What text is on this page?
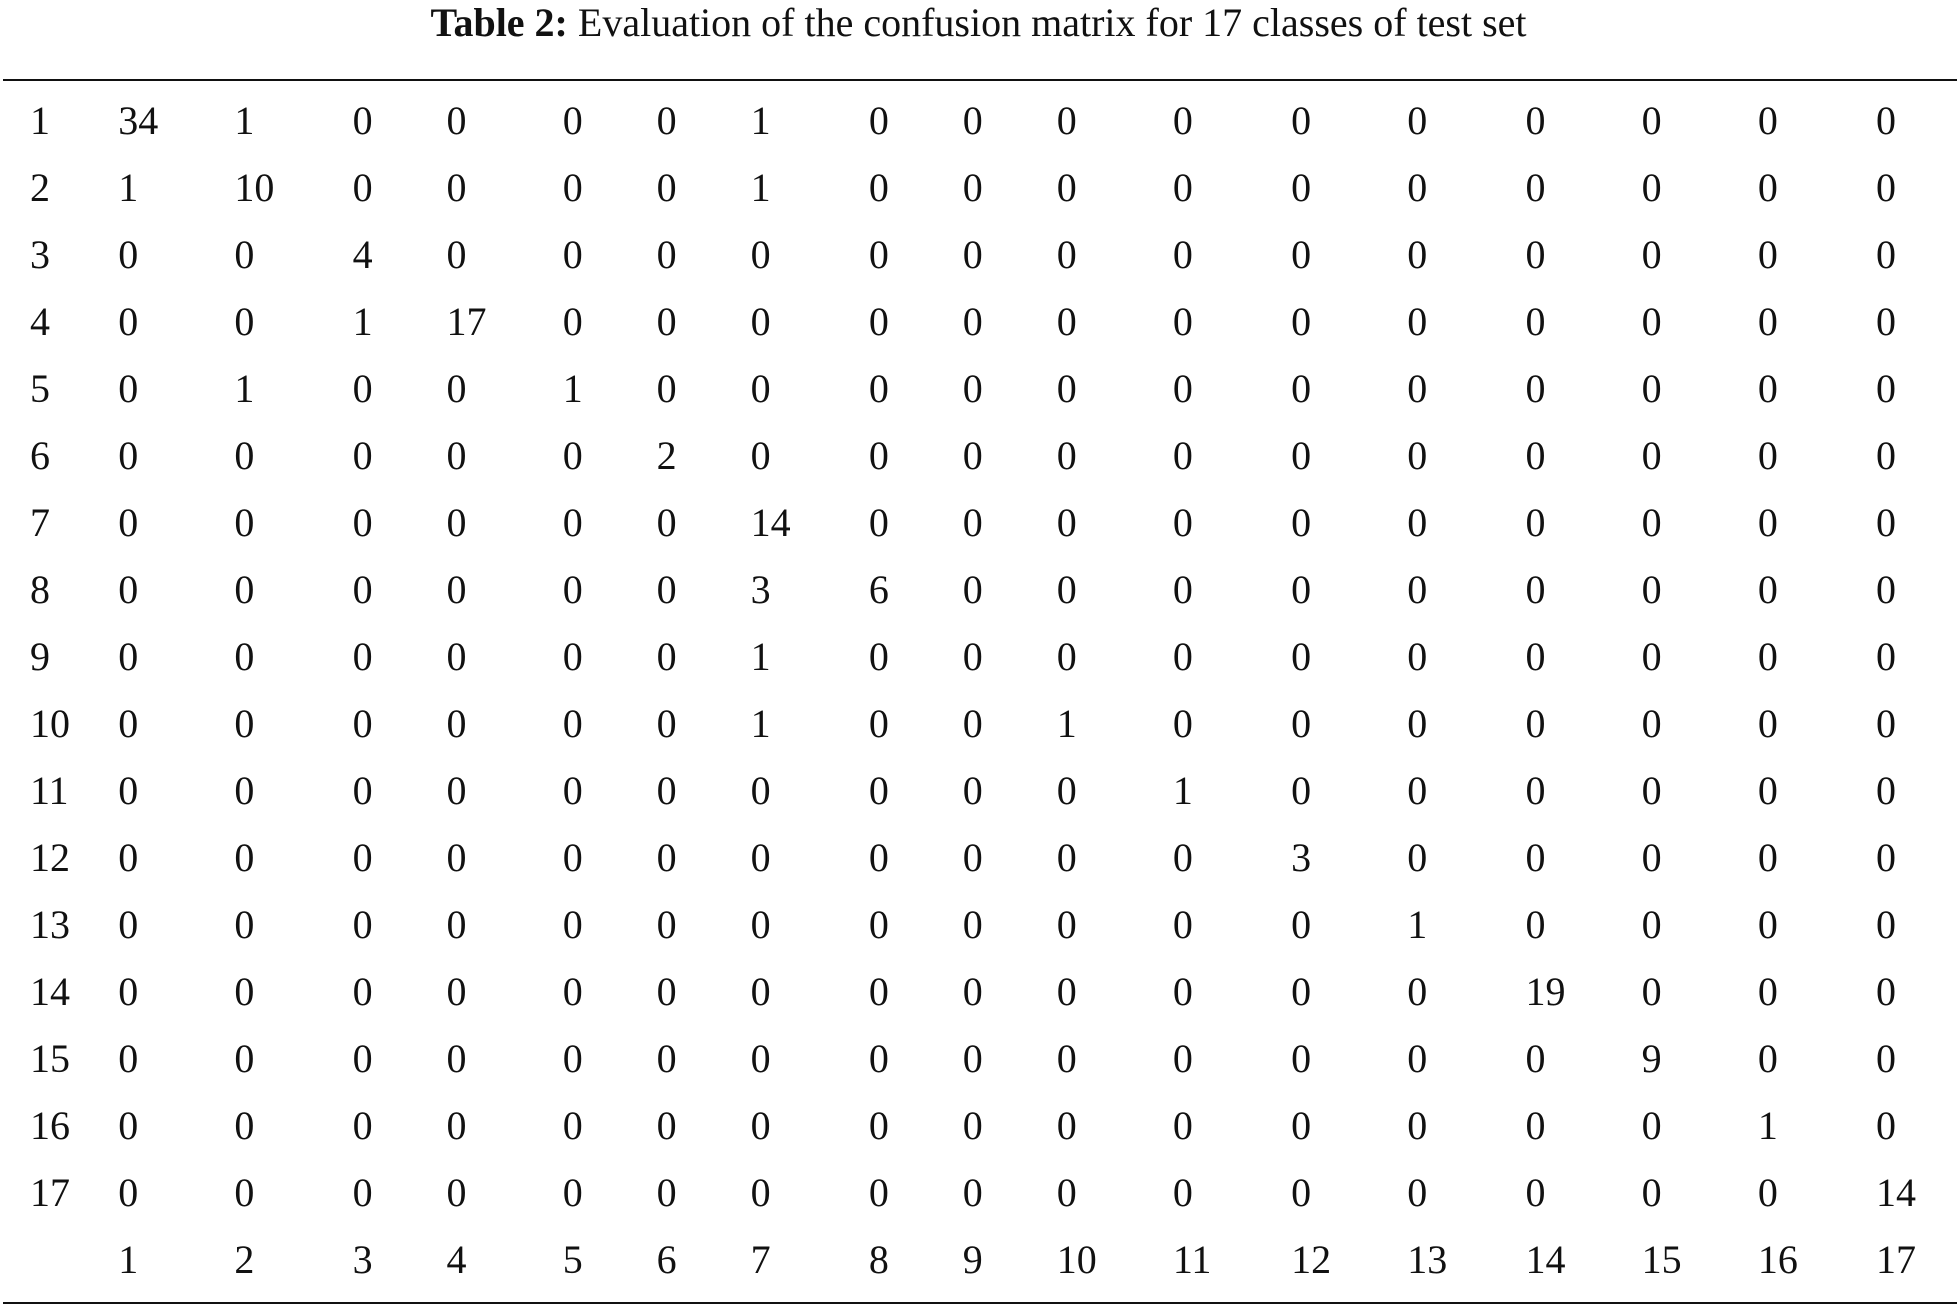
Table 2: Evaluation of the confusion matrix for 17 classes of test set
1	34	1	0	0	0	0	1	0	0	0	0	0	0	0	0	0	0
2	1	10	0	0	0	0	1	0	0	0	0	0	0	0	0	0	0
3	0	0	4	0	0	0	0	0	0	0	0	0	0	0	0	0	0
4	0	0	1	17	0	0	0	0	0	0	0	0	0	0	0	0	0
5	0	1	0	0	1	0	0	0	0	0	0	0	0	0	0	0	0
6	0	0	0	0	0	2	0	0	0	0	0	0	0	0	0	0	0
7	0	0	0	0	0	0	14	0	0	0	0	0	0	0	0	0	0
8	0	0	0	0	0	0	3	6	0	0	0	0	0	0	0	0	0
9	0	0	0	0	0	0	1	0	0	0	0	0	0	0	0	0	0
10	0	0	0	0	0	0	1	0	0	1	0	0	0	0	0	0	0
11	0	0	0	0	0	0	0	0	0	0	1	0	0	0	0	0	0
12	0	0	0	0	0	0	0	0	0	0	0	3	0	0	0	0	0
13	0	0	0	0	0	0	0	0	0	0	0	0	1	0	0	0	0
14	0	0	0	0	0	0	0	0	0	0	0	0	0	19	0	0	0
15	0	0	0	0	0	0	0	0	0	0	0	0	0	0	9	0	0
16	0	0	0	0	0	0	0	0	0	0	0	0	0	0	0	1	0
17	0	0	0	0	0	0	0	0	0	0	0	0	0	0	0	0	14
	1	2	3	4	5	6	7	8	9	10	11	12	13	14	15	16	17
